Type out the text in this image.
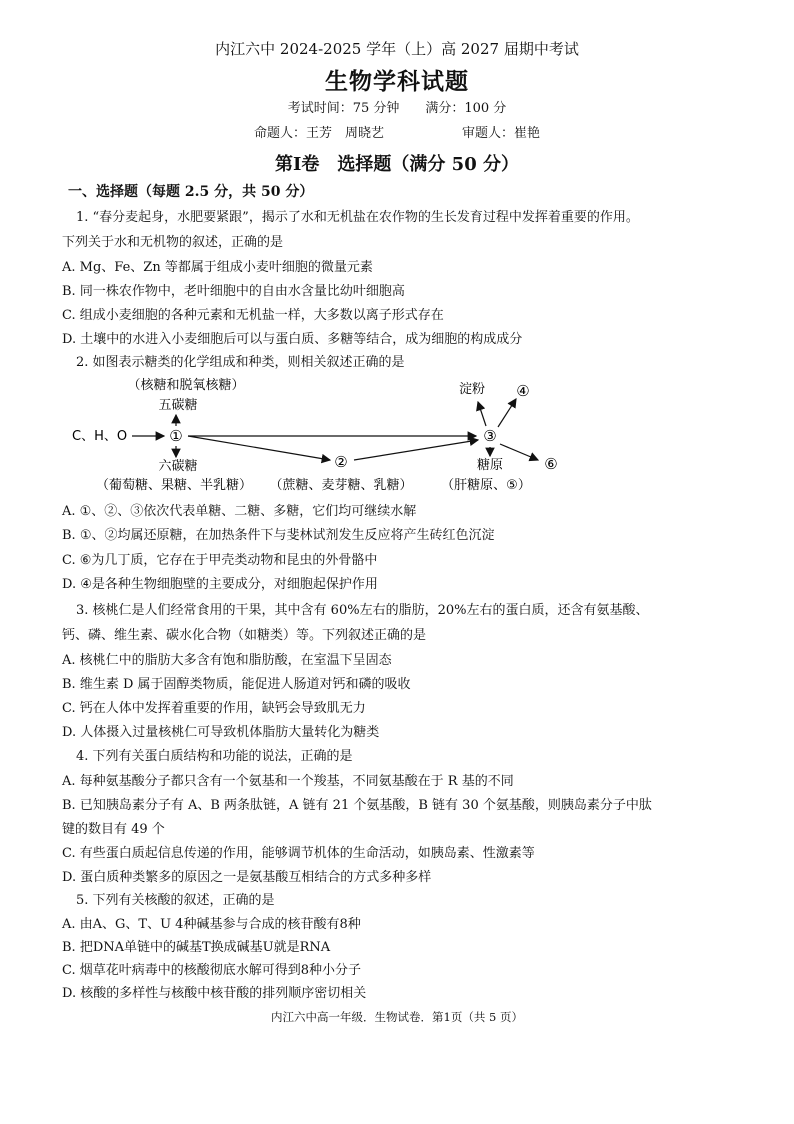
内江六中 2024-2025 学年（上）高 2027 届期中考试
生物学科试题
考试时间：75 分钟　　满分：100 分
命题人：王芳　周晓艺　　　　　　审题人：崔艳
第Ⅰ卷　选择题（满分 50 分）
一、选择题（每题 2.5 分，共 50 分）
1. “春分麦起身，水肥要紧跟”，揭示了水和无机盐在农作物的生长发育过程中发挥着重要的作用。
下列关于水和无机物的叙述，正确的是
A. Mg、Fe、Zn 等都属于组成小麦叶细胞的微量元素
B. 同一株农作物中，老叶细胞中的自由水含量比幼叶细胞高
C. 组成小麦细胞的各种元素和无机盐一样，大多数以离子形式存在
D. 土壤中的水进入小麦细胞后可以与蛋白质、多糖等结合，成为细胞的构成成分
2. 如图表示糖类的化学组成和种类，则相关叙述正确的是
（核糖和脱氧核糖）
五碳糖
C、H、O	①
六碳糖
（葡萄糖、果糖、半乳糖）
②
（蔗糖、麦芽糖、乳糖）
③
淀粉 ④
糖原
（肝糖原、⑤）
⑥
A. ①、②、③依次代表单糖、二糖、多糖，它们均可继续水解
B. ①、②均属还原糖，在加热条件下与斐林试剂发生反应将产生砖红色沉淀
C. ⑥为几丁质，它存在于甲壳类动物和昆虫的外骨骼中
D. ④是各种生物细胞壁的主要成分，对细胞起保护作用
3. 核桃仁是人们经常食用的干果，其中含有 60%左右的脂肪，20%左右的蛋白质，还含有氨基酸、
钙、磷、维生素、碳水化合物（如糖类）等。下列叙述正确的是
A. 核桃仁中的脂肪大多含有饱和脂肪酸，在室温下呈固态
B. 维生素 D 属于固醇类物质，能促进人肠道对钙和磷的吸收
C. 钙在人体中发挥着重要的作用，缺钙会导致肌无力
D. 人体摄入过量核桃仁可导致机体脂肪大量转化为糖类
4. 下列有关蛋白质结构和功能的说法，正确的是
A. 每种氨基酸分子都只含有一个氨基和一个羧基，不同氨基酸在于 R 基的不同
B. 已知胰岛素分子有 A、B 两条肽链，A 链有 21 个氨基酸，B 链有 30 个氨基酸，则胰岛素分子中肽
键的数目有 49 个
C. 有些蛋白质起信息传递的作用，能够调节机体的生命活动，如胰岛素、性激素等
D. 蛋白质种类繁多的原因之一是氨基酸互相结合的方式多种多样
5. 下列有关核酸的叙述，正确的是
A. 由A、G、T、U 4种碱基参与合成的核苷酸有8种
B. 把DNA单链中的碱基T换成碱基U就是RNA
C. 烟草花叶病毒中的核酸彻底水解可得到8种小分子
D. 核酸的多样性与核酸中核苷酸的排列顺序密切相关
内江六中高一年级．生物试卷．第1页（共 5 页）
